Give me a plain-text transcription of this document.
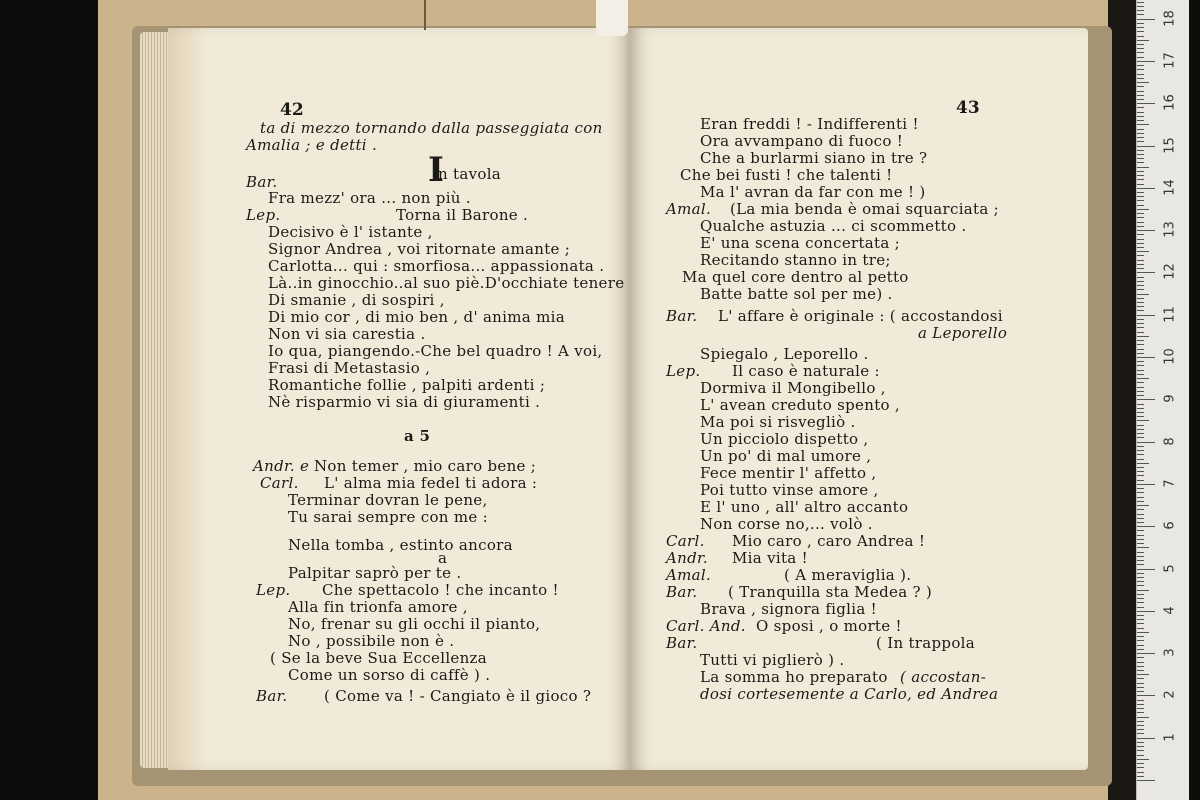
1
2
3
4
5
6
7
8
9
10
11
12
13
14
15
16
17
18
42
I
ta di mezzo tornando dalla passeggiata con
Amalia ; e detti .
n tavola
Bar.
Fra mezz' ora ... non più .
Lep.	Torna il Barone .
Decisivo è l' istante ,
Signor Andrea , voi ritornate amante ;
Carlotta... qui : smorfiosa... appassionata .
Là..in ginocchio..al suo piè.D'occhiate tenere
Di smanie , di sospiri ,
Di mio cor , di mio ben , d' anima mia
Non vi sia carestia .
Io qua, piangendo.-Che bel quadro ! A voi,
Frasi di Metastasio ,
Romantiche follie , palpiti ardenti ;
Nè risparmio vi sia di giuramenti .
a 5
Andr. e Non temer , mio caro bene ;
Carl. L' alma mia fedel ti adora :
Terminar dovran le pene,
Tu sarai sempre con me :
Nella tomba , estinto ancora
a
Palpitar saprò per te .
Lep. Che spettacolo ! che incanto !
Alla fin trionfa amore ,
No, frenar su gli occhi il pianto,
No , possibile non è .
( Se la beve Sua Eccellenza
Come un sorso di caffè ) .
Bar. ( Come va ! - Cangiato è il gioco ?
43
Eran freddi ! - Indifferenti !
Ora avvampano di fuoco !
Che a burlarmi siano in tre ?
Che bei fusti ! che talenti !
Ma l' avran da far con me ! )
Amal. (La mia benda è omai squarciata ;
Qualche astuzia ... ci scommetto .
E' una scena concertata ;
Recitando stanno in tre;
Ma quel core dentro al petto
Batte batte sol per me) .
Bar. L' affare è originale : ( accostandosi
a Leporello
Spiegalo , Leporello .
Lep. Il caso è naturale :
Dormiva il Mongibello ,
L' avean creduto spento ,
Ma poi si risvegliò .
Un picciolo dispetto ,
Un po' di mal umore ,
Fece mentir l' affetto ,
Poi tutto vinse amore ,
E l' uno , all' altro accanto
Non corse no,... volò .
Carl. Mio caro , caro Andrea !
Andr. Mia vita !
Amal.	( A meraviglia ).
Bar. ( Tranquilla sta Medea ? )
Brava , signora figlia !
Carl. And. O sposi , o morte !
Bar.	( In trappola
Tutti vi piglierò ) .
La somma ho preparato ( accostan-
dosi cortesemente a Carlo, ed Andrea
